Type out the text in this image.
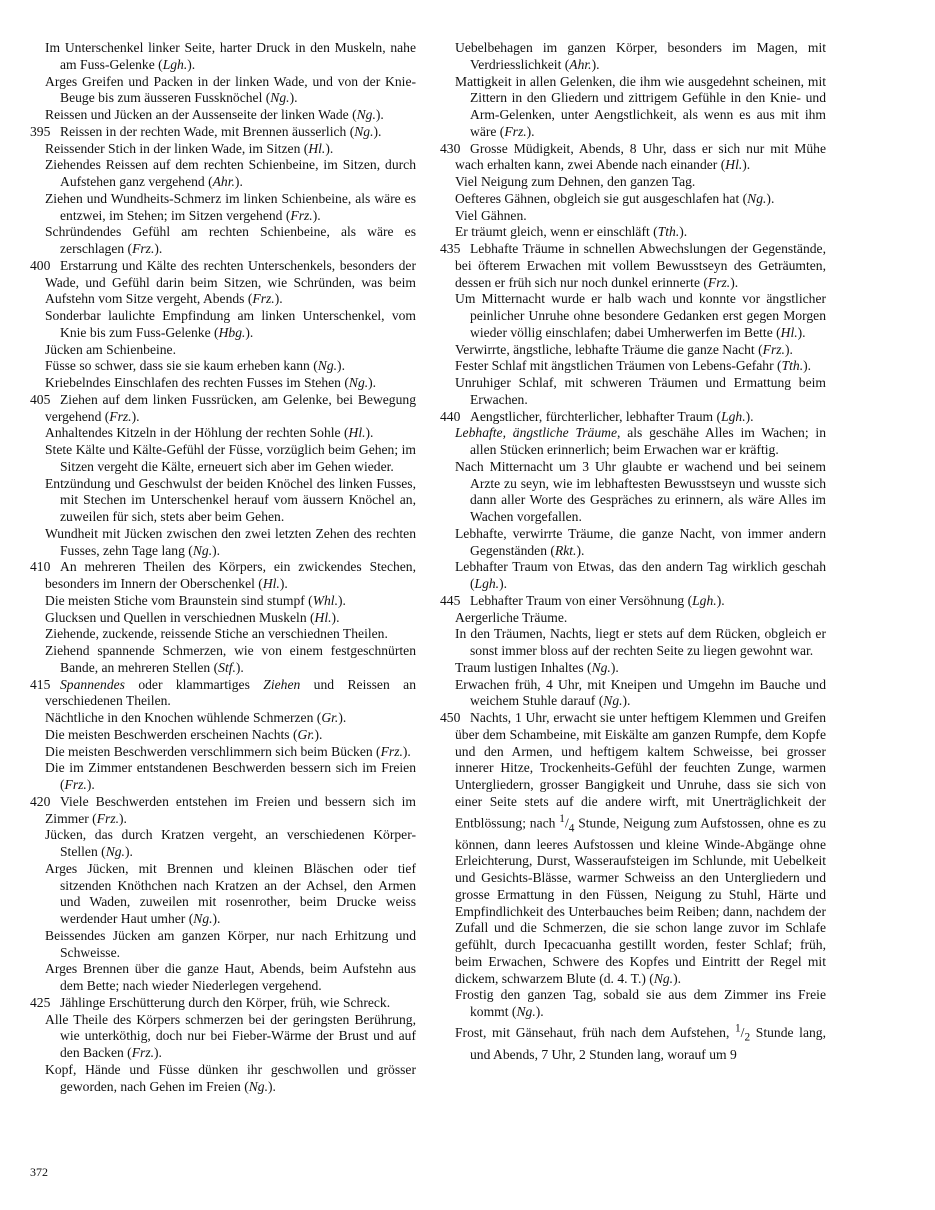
Im Unterschenkel linker Seite, harter Druck in den Muskeln, nahe am Fuss-Gelenke (Lgh.).

Arges Greifen und Packen in der linken Wade, und von der Knie-Beuge bis zum äusseren Fussknöchel (Ng.).

Reissen und Jücken an der Aussenseite der linken Wade (Ng.).

395 Reissen in der rechten Wade, mit Brennen äusserlich (Ng.).

Reissender Stich in der linken Wade, im Sitzen (Hl.).

Ziehendes Reissen auf dem rechten Schienbeine, im Sitzen, durch Aufstehen ganz vergehend (Ahr.).

Ziehen und Wundheits-Schmerz im linken Schienbeine, als wäre es entzwei, im Stehen; im Sitzen vergehend (Frz.).

Schründendes Gefühl am rechten Schienbeine, als wäre es zerschlagen (Frz.).

400 Erstarrung und Kälte des rechten Unterschenkels, besonders der Wade, und Gefühl darin beim Sitzen, wie Schründen, was beim Aufstehn vom Sitze vergeht, Abends (Frz.).

Sonderbar laulichte Empfindung am linken Unterschenkel, vom Knie bis zum Fuss-Gelenke (Hbg.).

Jücken am Schienbeine.

Füsse so schwer, dass sie sie kaum erheben kann (Ng.).

Kriebelndes Einschlafen des rechten Fusses im Stehen (Ng.).

405 Ziehen auf dem linken Fussrücken, am Gelenke, bei Bewegung vergehend (Frz.).

Anhaltendes Kitzeln in der Höhlung der rechten Sohle (Hl.).

Stete Kälte und Kälte-Gefühl der Füsse, vorzüglich beim Gehen; im Sitzen vergeht die Kälte, erneuert sich aber im Gehen wieder.

Entzündung und Geschwulst der beiden Knöchel des linken Fusses, mit Stechen im Unterschenkel herauf vom äussern Knöchel an, zuweilen für sich, stets aber beim Gehen.

Wundheit mit Jücken zwischen den zwei letzten Zehen des rechten Fusses, zehn Tage lang (Ng.).

410 An mehreren Theilen des Körpers, ein zwickendes Stechen, besonders im Innern der Oberschenkel (Hl.).

Die meisten Stiche vom Braunstein sind stumpf (Whl.).

Glucksen und Quellen in verschiednen Muskeln (Hl.).

Ziehende, zuckende, reissende Stiche an verschiednen Theilen.

Ziehend spannende Schmerzen, wie von einem festgeschnürten Bande, an mehreren Stellen (Stf.).

415 Spannendes oder klammartiges Ziehen und Reissen an verschiedenen Theilen.

Nächtliche in den Knochen wühlende Schmerzen (Gr.).

Die meisten Beschwerden erscheinen Nachts (Gr.).

Die meisten Beschwerden verschlimmern sich beim Bücken (Frz.).

Die im Zimmer entstandenen Beschwerden bessern sich im Freien (Frz.).

420 Viele Beschwerden entstehen im Freien und bessern sich im Zimmer (Frz.).

Jücken, das durch Kratzen vergeht, an verschiedenen Körper-Stellen (Ng.).

Arges Jücken, mit Brennen und kleinen Bläschen oder tief sitzenden Knöthchen nach Kratzen an der Achsel, den Armen und Waden, zuweilen mit rosenrother, beim Drucke weiss werdender Haut umher (Ng.).

Beissendes Jücken am ganzen Körper, nur nach Erhitzung und Schweisse.

Arges Brennen über die ganze Haut, Abends, beim Aufstehn aus dem Bette; nach wieder Niederlegen vergehend.

425 Jählinge Erschütterung durch den Körper, früh, wie Schreck.

Alle Theile des Körpers schmerzen bei der geringsten Berührung, wie unterköthig, doch nur bei Fieber-Wärme der Brust und auf den Backen (Frz.).

Kopf, Hände und Füsse dünken ihr geschwollen und grösser geworden, nach Gehen im Freien (Ng.).

Uebelbehagen im ganzen Körper, besonders im Magen, mit Verdriesslichkeit (Ahr.).

Mattigkeit in allen Gelenken, die ihm wie ausgedehnt scheinen, mit Zittern in den Gliedern und zittrigem Gefühle in den Knie- und Arm-Gelenken, unter Aengstlichkeit, als wenn es aus mit ihm wäre (Frz.).

430 Grosse Müdigkeit, Abends, 8 Uhr, dass er sich nur mit Mühe wach erhalten kann, zwei Abende nach einander (Hl.).

Viel Neigung zum Dehnen, den ganzen Tag.

Oefteres Gähnen, obgleich sie gut ausgeschlafen hat (Ng.).

Viel Gähnen.

Er träumt gleich, wenn er einschläft (Tth.).

435 Lebhafte Träume in schnellen Abwechslungen der Gegenstände, bei öfterem Erwachen mit vollem Bewusstseyn des Geträumten, dessen er früh sich nur noch dunkel erinnerte (Frz.).

Um Mitternacht wurde er halb wach und konnte vor ängstlicher peinlicher Unruhe ohne besondere Gedanken erst gegen Morgen wieder völlig einschlafen; dabei Umherwerfen im Bette (Hl.).

Verwirrte, ängstliche, lebhafte Träume die ganze Nacht (Frz.).

Fester Schlaf mit ängstlichen Träumen von Lebens-Gefahr (Tth.).

Unruhiger Schlaf, mit schweren Träumen und Ermattung beim Erwachen.

440 Aengstlicher, fürchterlicher, lebhafter Traum (Lgh.).

Lebhafte, ängstliche Träume, als geschähe Alles im Wachen; in allen Stücken erinnerlich; beim Erwachen war er kräftig.

Nach Mitternacht um 3 Uhr glaubte er wachend und bei seinem Arzte zu seyn, wie im lebhaftesten Bewusstseyn und wusste sich dann aller Worte des Gespräches zu erinnern, als wäre Alles im Wachen vorgefallen.

Lebhafte, verwirrte Träume, die ganze Nacht, von immer andern Gegenständen (Rkt.).

Lebhafter Traum von Etwas, das den andern Tag wirklich geschah (Lgh.).

445 Lebhafter Traum von einer Versöhnung (Lgh.).

Aergerliche Träume.

In den Träumen, Nachts, liegt er stets auf dem Rücken, obgleich er sonst immer bloss auf der rechten Seite zu liegen gewohnt war.

Traum lustigen Inhaltes (Ng.).

Erwachen früh, 4 Uhr, mit Kneipen und Umgehn im Bauche und weichem Stuhle darauf (Ng.).

450 Nachts, 1 Uhr, erwacht sie unter heftigem Klemmen und Greifen über dem Schambeine, mit Eiskälte am ganzen Rumpfe, dem Kopfe und den Armen, und heftigem kaltem Schweisse, bei grosser innerer Hitze, Trockenheits-Gefühl der feuchten Zunge, warmen Untergliedern, grosser Bangigkeit und Unruhe, dass sie sich von einer Seite stets auf die andere wirft, mit Unerträglichkeit der Entblössung; nach $^1/_4$ Stunde, Neigung zum Aufstossen, ohne es zu können, dann leeres Aufstossen und kleine Winde-Abgänge ohne Erleichterung, Durst, Wasseraufsteigen im Schlunde, mit Uebelkeit und Gesichts-Blässe, warmer Schweiss an den Untergliedern und grosse Ermattung in den Füssen, Neigung zu Stuhl, Härte und Empfindlichkeit des Unterbauches beim Reiben; dann, nachdem der Zufall und die Schmerzen, die sie schon lange zuvor im Schlafe gefühlt, durch Ipecacuanha gestillt worden, fester Schlaf; früh, beim Erwachen, Schwere des Kopfes und Eintritt der Regel mit dickem, schwarzem Blute (d. 4. T.) (Ng.).

Frostig den ganzen Tag, sobald sie aus dem Zimmer ins Freie kommt (Ng.).

Frost, mit Gänsehaut, früh nach dem Aufstehen, $^1/_2$ Stunde lang, und Abends, 7 Uhr, 2 Stunden lang, worauf um 9

372
